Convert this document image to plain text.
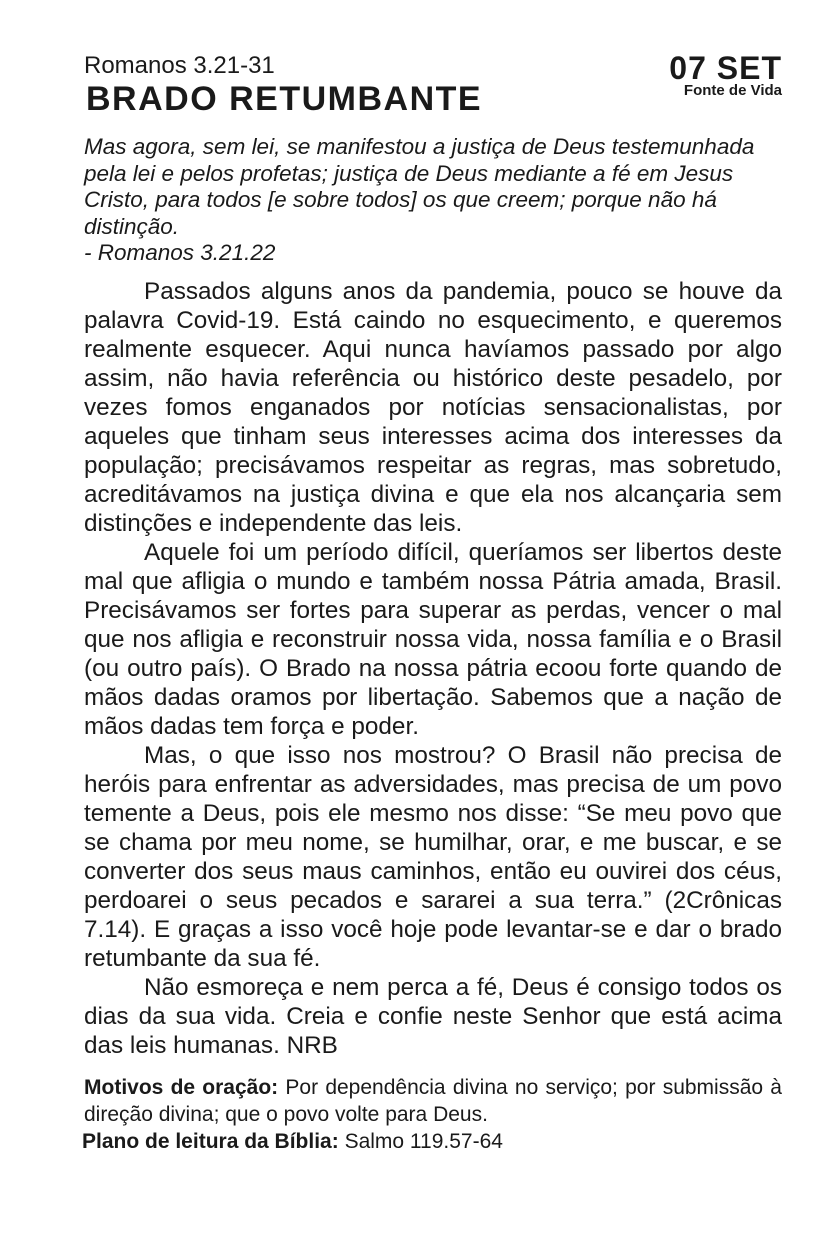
Romanos 3.21-31
BRADO RETUMBANTE
07 SET
Fonte de Vida
Mas agora, sem lei, se manifestou a justiça de Deus testemunhada pela lei e pelos profetas; justiça de Deus mediante a fé em Jesus Cristo, para todos [e sobre todos] os que creem; porque não há distinção.
- Romanos 3.21.22

Passados alguns anos da pandemia, pouco se houve da palavra Covid-19. Está caindo no esquecimento, e queremos realmente esquecer. Aqui nunca havíamos passado por algo assim, não havia referência ou histórico deste pesadelo, por vezes fomos enganados por notícias sensacionalistas, por aqueles que tinham seus interesses acima dos interesses da população; precisávamos respeitar as regras, mas sobretudo, acreditávamos na justiça divina e que ela nos alcançaria sem distinções e independente das leis.

Aquele foi um período difícil, queríamos ser libertos deste mal que afligia o mundo e também nossa Pátria amada, Brasil. Precisávamos ser fortes para superar as perdas, vencer o mal que nos afligia e reconstruir nossa vida, nossa família e o Brasil (ou outro país). O Brado na nossa pátria ecoou forte quando de mãos dadas oramos por libertação. Sabemos que a nação de mãos dadas tem força e poder.

Mas, o que isso nos mostrou? O Brasil não precisa de heróis para enfrentar as adversidades, mas precisa de um povo temente a Deus, pois ele mesmo nos disse: “Se meu povo que se chama por meu nome, se humilhar, orar, e me buscar, e se converter dos seus maus caminhos, então eu ouvirei dos céus, perdoarei o seus pecados e sararei a sua terra.” (2Crônicas 7.14). E graças a isso você hoje pode levantar-se e dar o brado retumbante da sua fé.

Não esmoreça e nem perca a fé, Deus é consigo todos os dias da sua vida. Creia e confie neste Senhor que está acima das leis humanas. NRB

Motivos de oração: Por dependência divina no serviço; por submissão à direção divina; que o povo volte para Deus.
Plano de leitura da Bíblia: Salmo 119.57-64
